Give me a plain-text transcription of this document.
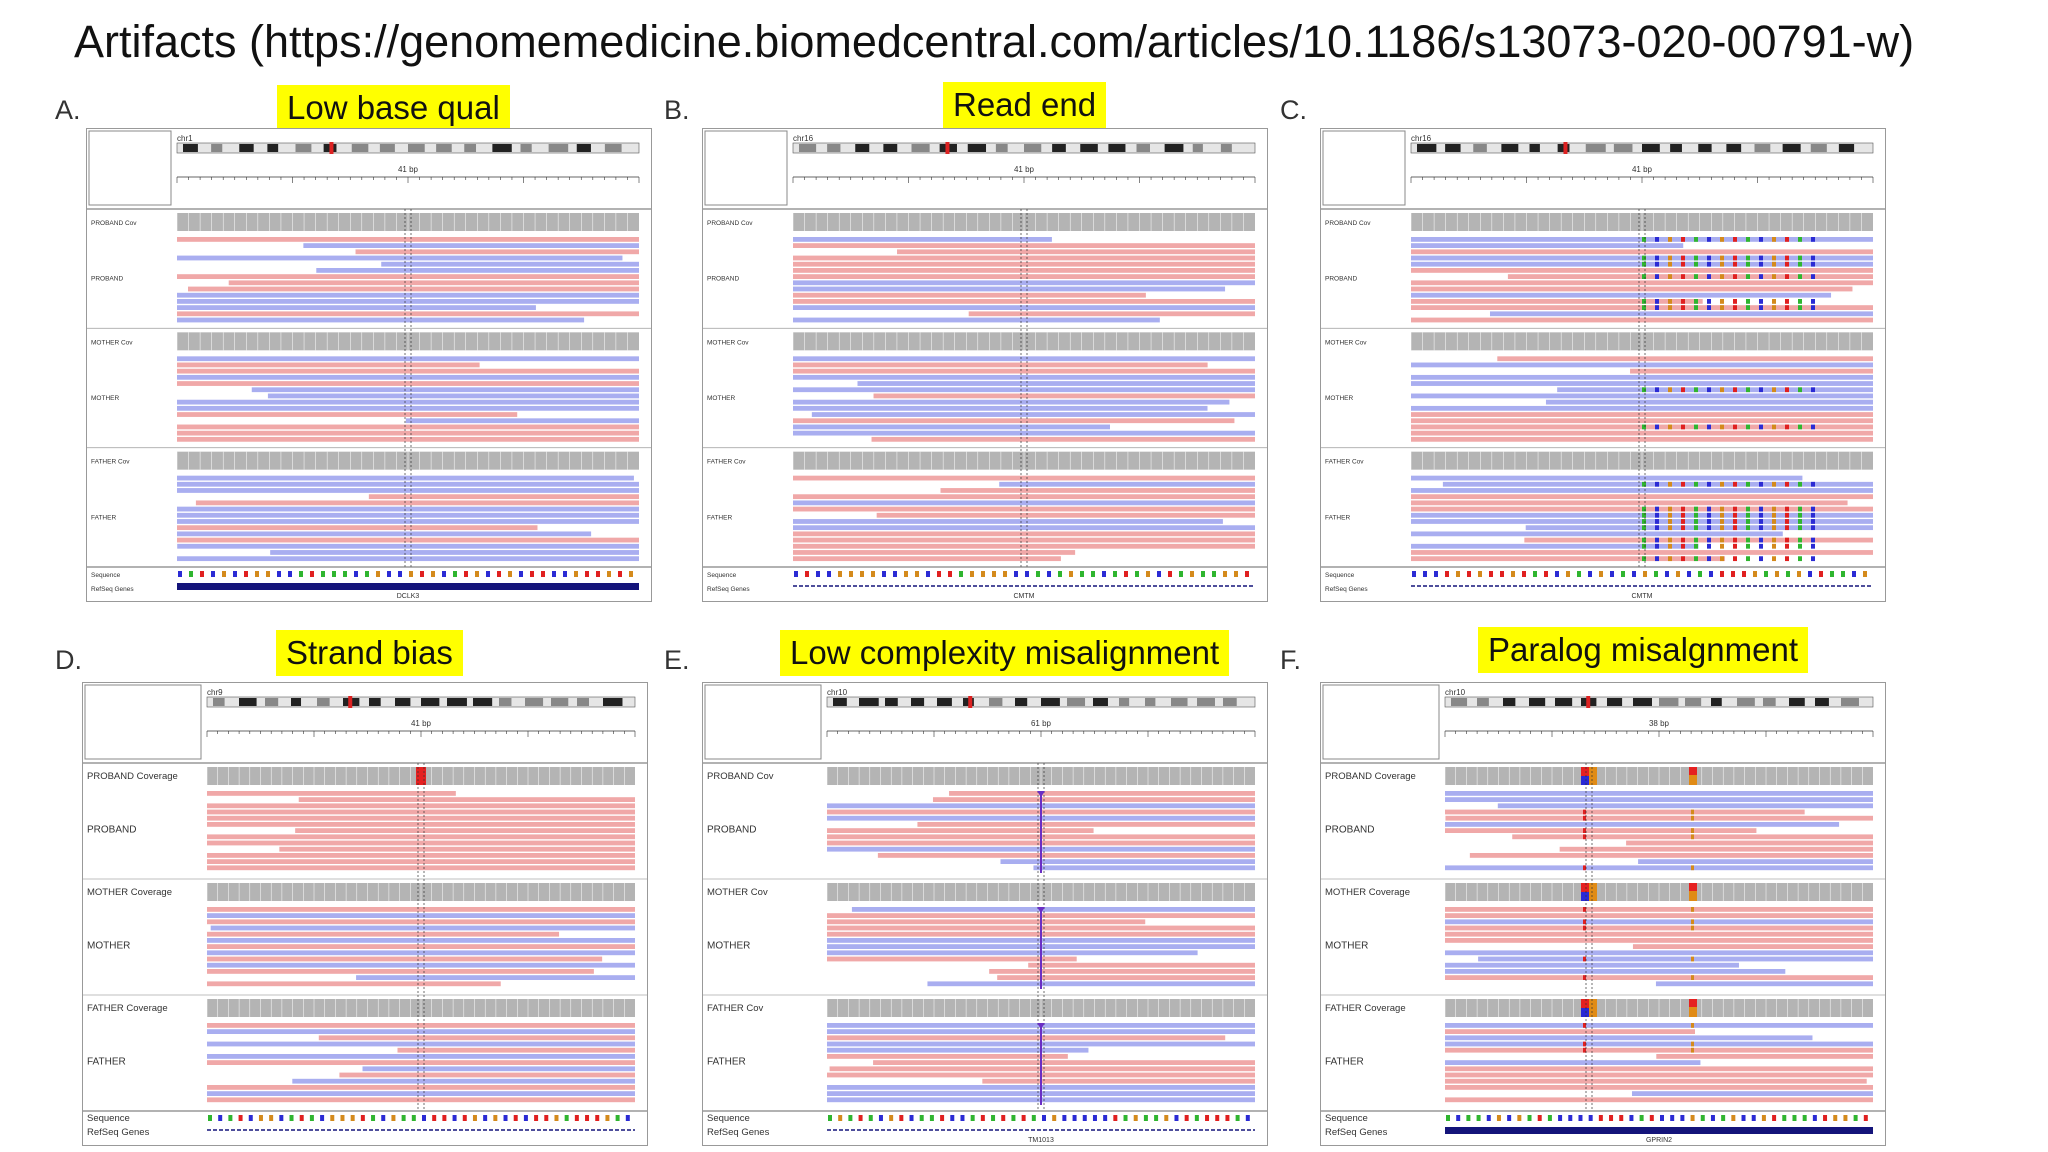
Artifacts (https://genomemedicine.biomedcentral.com/articles/10.1186/s13073-020-00791-w)
A.	B.	C.
D.	E.	F.
Low base qual	Read end
Strand bias	Low complexity misalignment	Paralog misalgnment
chr1
41 bp
PROBAND Cov
PROBAND
MOTHER Cov
MOTHER
FATHER Cov
FATHER
Sequence
RefSeq Genes
DCLK3
chr16
41 bp
PROBAND Cov
PROBAND
MOTHER Cov
MOTHER
FATHER Cov
FATHER
Sequence
RefSeq Genes
CMTM
chr16
41 bp
PROBAND Cov
PROBAND
MOTHER Cov
MOTHER
FATHER Cov
FATHER
Sequence
RefSeq Genes
CMTM
chr9
41 bp
PROBAND Coverage
PROBAND
MOTHER Coverage
MOTHER
FATHER Coverage
FATHER
Sequence
RefSeq Genes
chr10
61 bp
PROBAND Cov
PROBAND
MOTHER Cov
MOTHER
FATHER Cov
FATHER
Sequence
RefSeq Genes
TM1013
chr10
38 bp
PROBAND Coverage
PROBAND
MOTHER Coverage
MOTHER
FATHER Coverage
FATHER
Sequence
RefSeq Genes
GPRIN2
